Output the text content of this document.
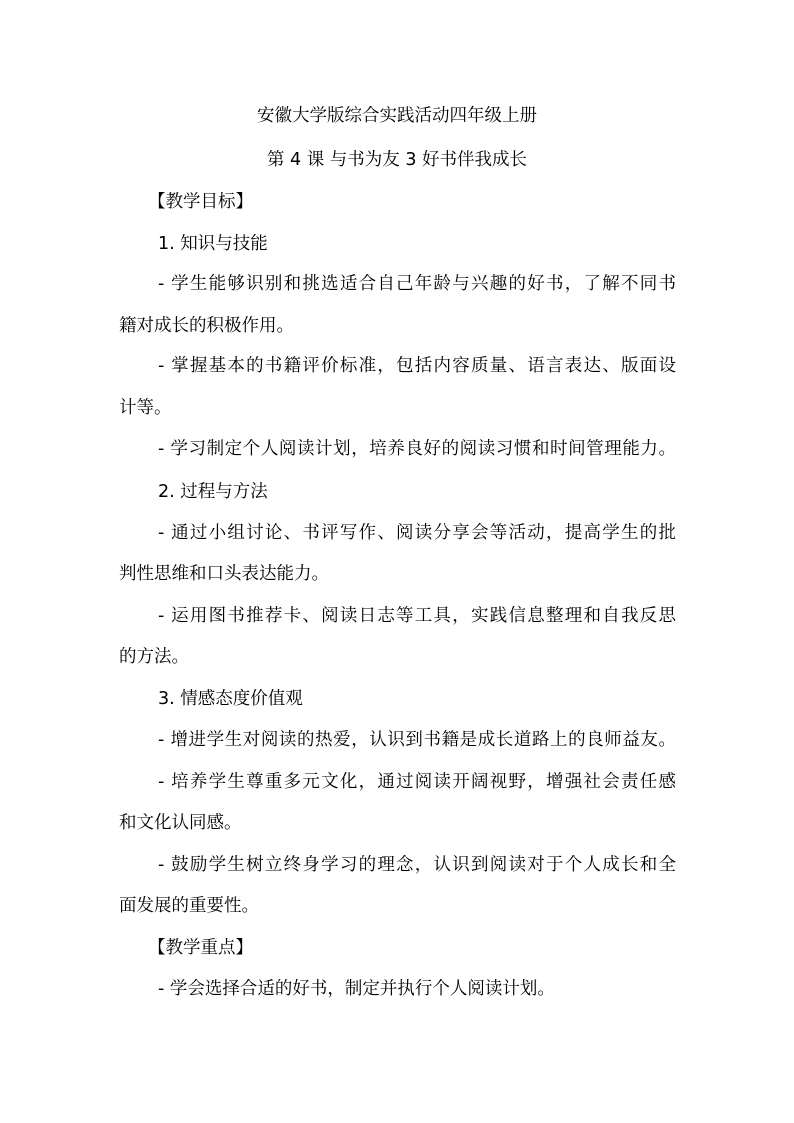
安徽大学版综合实践活动四年级上册
第 4 课 与书为友 3 好书伴我成长
【教学目标】
1. 知识与技能
- 学生能够识别和挑选适合自己年龄与兴趣的好书，了解不同书
籍对成长的积极作用。
- 掌握基本的书籍评价标准，包括内容质量、语言表达、版面设
计等。
- 学习制定个人阅读计划，培养良好的阅读习惯和时间管理能力。
2. 过程与方法
- 通过小组讨论、书评写作、阅读分享会等活动，提高学生的批
判性思维和口头表达能力。
- 运用图书推荐卡、阅读日志等工具，实践信息整理和自我反思
的方法。
3. 情感态度价值观
- 增进学生对阅读的热爱，认识到书籍是成长道路上的良师益友。
- 培养学生尊重多元文化，通过阅读开阔视野，增强社会责任感
和文化认同感。
- 鼓励学生树立终身学习的理念，认识到阅读对于个人成长和全
面发展的重要性。
【教学重点】
- 学会选择合适的好书，制定并执行个人阅读计划。
